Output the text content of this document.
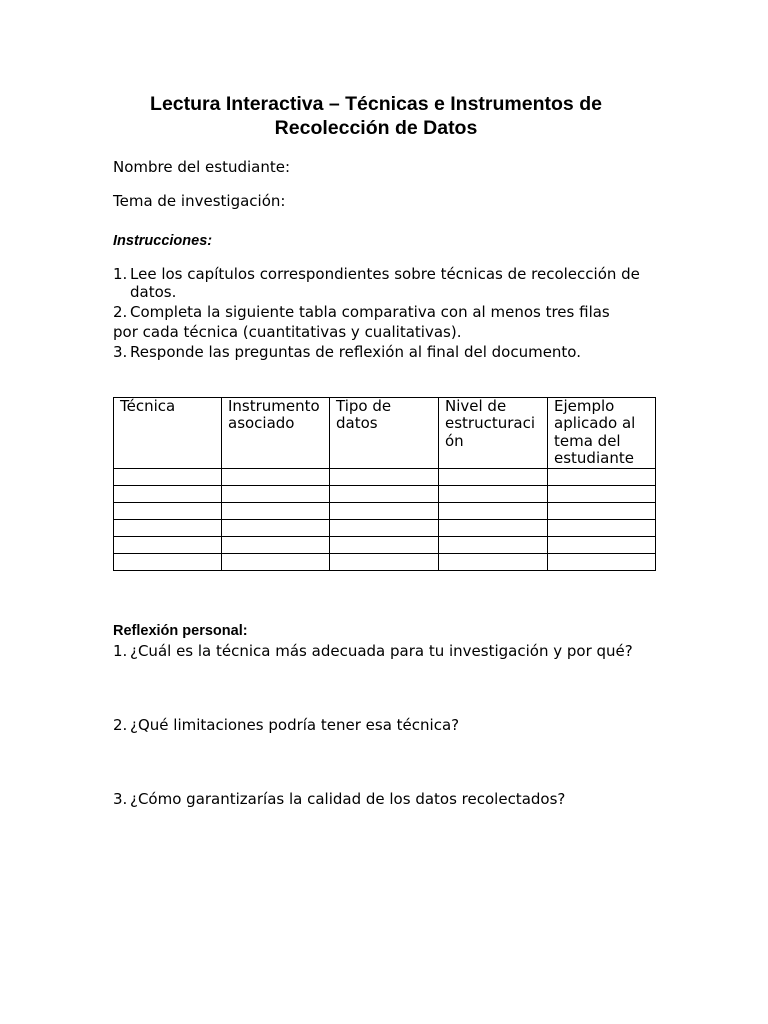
Lectura Interactiva – Técnicas e Instrumentos de
Recolección de Datos
Nombre del estudiante:
Tema de investigación:
Instrucciones:
1. Lee los capítulos correspondientes sobre técnicas de recolección de
datos.
2. Completa la siguiente tabla comparativa con al menos tres filas
por cada técnica (cuantitativas y cualitativas).
3. Responde las preguntas de reflexión al final del documento.
Técnica	Instrumento asociado	Tipo de datos	Nivel de estructuración	Ejemplo aplicado al tema del estudiante

Reflexión personal:
1. ¿Cuál es la técnica más adecuada para tu investigación y por qué?
2. ¿Qué limitaciones podría tener esa técnica?
3. ¿Cómo garantizarías la calidad de los datos recolectados?
